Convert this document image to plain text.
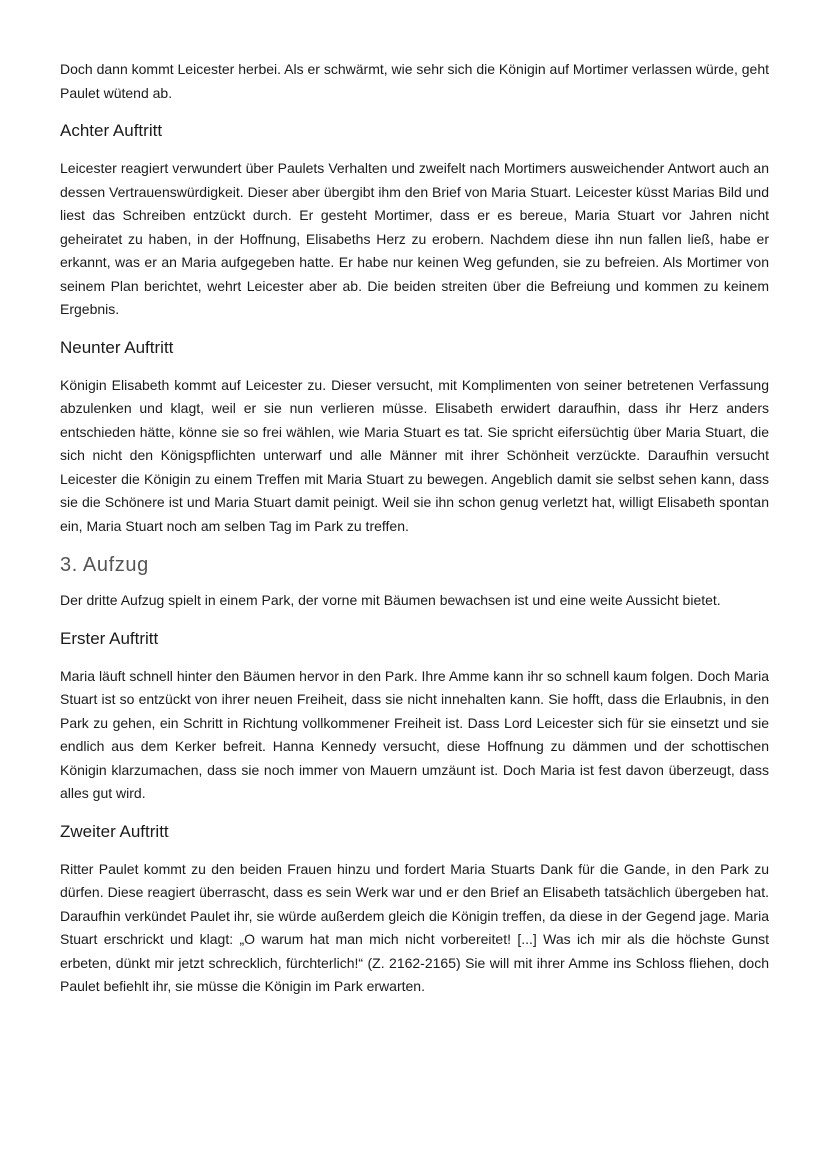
Doch dann kommt Leicester herbei. Als er schwärmt, wie sehr sich die Königin auf Mortimer verlassen würde, geht Paulet wütend ab.

Achter Auftritt

Leicester reagiert verwundert über Paulets Verhalten und zweifelt nach Mortimers ausweichender Antwort auch an dessen Vertrauenswürdigkeit. Dieser aber übergibt ihm den Brief von Maria Stuart. Leicester küsst Marias Bild und liest das Schreiben entzückt durch. Er gesteht Mortimer, dass er es bereue, Maria Stuart vor Jahren nicht geheiratet zu haben, in der Hoffnung, Elisabeths Herz zu erobern. Nachdem diese ihn nun fallen ließ, habe er erkannt, was er an Maria aufgegeben hatte. Er habe nur keinen Weg gefunden, sie zu befreien. Als Mortimer von seinem Plan berichtet, wehrt Leicester aber ab. Die beiden streiten über die Befreiung und kommen zu keinem Ergebnis.

Neunter Auftritt

Königin Elisabeth kommt auf Leicester zu. Dieser versucht, mit Komplimenten von seiner betretenen Verfassung abzulenken und klagt, weil er sie nun verlieren müsse. Elisabeth erwidert daraufhin, dass ihr Herz anders entschieden hätte, könne sie so frei wählen, wie Maria Stuart es tat. Sie spricht eifersüchtig über Maria Stuart, die sich nicht den Königspflichten unterwarf und alle Männer mit ihrer Schönheit verzückte. Daraufhin versucht Leicester die Königin zu einem Treffen mit Maria Stuart zu bewegen. Angeblich damit sie selbst sehen kann, dass sie die Schönere ist und Maria Stuart damit peinigt. Weil sie ihn schon genug verletzt hat, willigt Elisabeth spontan ein, Maria Stuart noch am selben Tag im Park zu treffen.

3. Aufzug

Der dritte Aufzug spielt in einem Park, der vorne mit Bäumen bewachsen ist und eine weite Aussicht bietet.

Erster Auftritt

Maria läuft schnell hinter den Bäumen hervor in den Park. Ihre Amme kann ihr so schnell kaum folgen. Doch Maria Stuart ist so entzückt von ihrer neuen Freiheit, dass sie nicht innehalten kann. Sie hofft, dass die Erlaubnis, in den Park zu gehen, ein Schritt in Richtung vollkommener Freiheit ist. Dass Lord Leicester sich für sie einsetzt und sie endlich aus dem Kerker befreit. Hanna Kennedy versucht, diese Hoffnung zu dämmen und der schottischen Königin klarzumachen, dass sie noch immer von Mauern umzäunt ist. Doch Maria ist fest davon überzeugt, dass alles gut wird.

Zweiter Auftritt

Ritter Paulet kommt zu den beiden Frauen hinzu und fordert Maria Stuarts Dank für die Gande, in den Park zu dürfen. Diese reagiert überrascht, dass es sein Werk war und er den Brief an Elisabeth tatsächlich übergeben hat. Daraufhin verkündet Paulet ihr, sie würde außerdem gleich die Königin treffen, da diese in der Gegend jage. Maria Stuart erschrickt und klagt: „O warum hat man mich nicht vorbereitet! [...] Was ich mir als die höchste Gunst erbeten, dünkt mir jetzt schrecklich, fürchterlich!“ (Z. 2162-2165) Sie will mit ihrer Amme ins Schloss fliehen, doch Paulet befiehlt ihr, sie müsse die Königin im Park erwarten.
